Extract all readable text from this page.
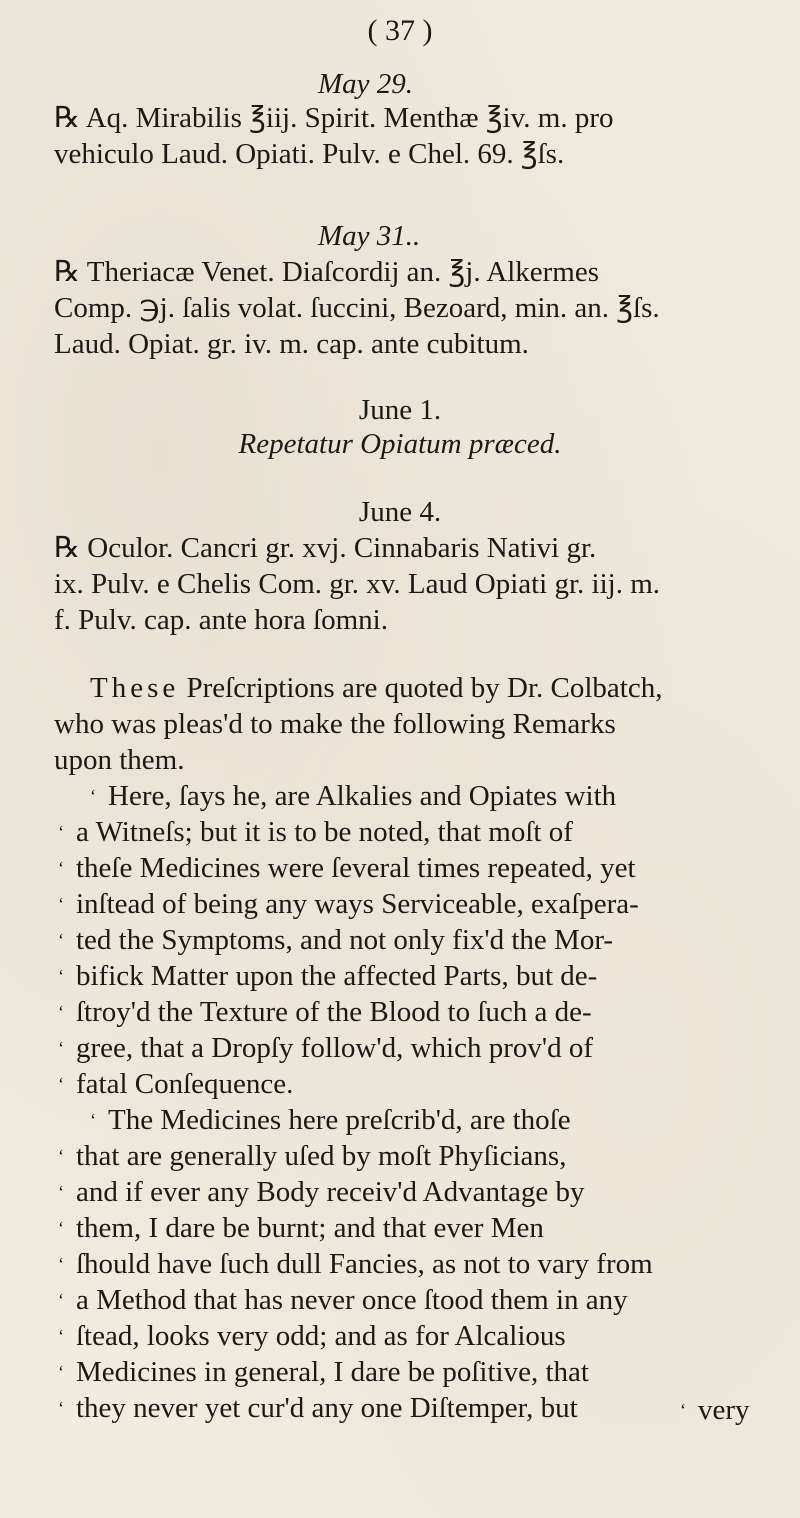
( 37 )
May 29.
℞ Aq. Mirabilis ℥iij. Spirit. Menthæ ℥iv. m. pro
vehiculo Laud. Opiati. Pulv. e Chel. 69. ℥ſs.
May 31..
℞ Theriacæ Venet. Diaſcordij an. ℥j. Alkermes
Comp. ℈j. ſalis volat. ſuccini, Bezoard, min. an. ℥ſs.
Laud. Opiat. gr. iv. m. cap. ante cubitum.
June 1.
Repetatur Opiatum præced.
June 4.
℞ Oculor. Cancri gr. xvj. Cinnabaris Nativi gr.
ix. Pulv. e Chelis Com. gr. xv. Laud Opiati gr. iij. m.
f. Pulv. cap. ante hora ſomni.
These Preſcriptions are quoted by Dr. Colbatch,
who was pleas'd to make the following Remarks
upon them.
‘ Here, ſays he, are Alkalies and Opiates with
‘ a Witneſs; but it is to be noted, that moſt of
‘ theſe Medicines were ſeveral times repeated, yet
‘ inſtead of being any ways Serviceable, exaſpera-
‘ ted the Symptoms, and not only fix'd the Mor-
‘ bifick Matter upon the affected Parts, but de-
‘ ſtroy'd the Texture of the Blood to ſuch a de-
‘ gree, that a Dropſy follow'd, which prov'd of
‘ fatal Conſequence.
‘ The Medicines here preſcrib'd, are thoſe
‘ that are generally uſed by moſt Phyſicians,
‘ and if ever any Body receiv'd Advantage by
‘ them, I dare be burnt; and that ever Men
‘ ſhould have ſuch dull Fancies, as not to vary from
‘ a Method that has never once ſtood them in any
‘ ſtead, looks very odd; and as for Alcalious
‘ Medicines in general, I dare be poſitive, that
‘ they never yet cur'd any one Diſtemper, but	‘ very
